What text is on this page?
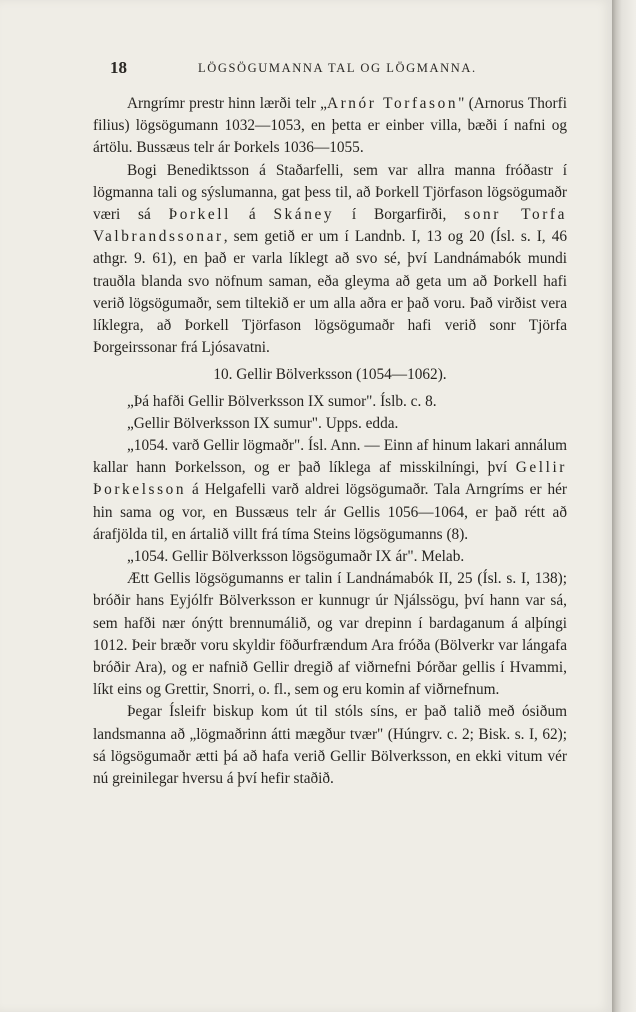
18	LÖGSÖGUMANNA TAL OG LÖGMANNA.

Arngrímr prestr hinn lærði telr „Arnór Torfason" (Arnorus Thorfi filius) lögsögumann 1032—1053, en þetta er einber villa, bæði í nafni og ártölu. Bussæus telr ár Þorkels 1036—1055.

Bogi Benediktsson á Staðarfelli, sem var allra manna fróðastr í lögmanna tali og sýslumanna, gat þess til, að Þorkell Tjörfason lögsögumaðr væri sá Þorkell á Skáney í Borgarfirði, sonr Torfa Valbrandssonar, sem getið er um í Landnb. I, 13 og 20 (Ísl. s. I, 46 athgr. 9. 61), en það er varla líklegt að svo sé, því Landnámabók mundi trauðla blanda svo nöfnum saman, eða gleyma að geta um að Þorkell hafi verið lögsögumaðr, sem tiltekið er um alla aðra er það voru. Það virðist vera líklegra, að Þorkell Tjörfason lögsögumaðr hafi verið sonr Tjörfa Þorgeirssonar frá Ljósavatni.

10. Gellir Bölverksson (1054—1062).

„Þá hafði Gellir Bölverksson IX sumor". Íslb. c. 8.

„Gellir Bölverksson IX sumur". Upps. edda.

„1054. varð Gellir lögmaðr". Ísl. Ann. — Einn af hinum lakari annálum kallar hann Þorkelsson, og er það líklega af misskilníngi, því Gellir Þorkelsson á Helgafelli varð aldrei lögsögumaðr. Tala Arngríms er hér hin sama og vor, en Bussæus telr ár Gellis 1056—1064, er það rétt að árafjölda til, en ártalið villt frá tíma Steins lögsögumanns (8).

„1054. Gellir Bölverksson lögsögumaðr IX ár". Melab.

Ætt Gellis lögsögumanns er talin í Landnámabók II, 25 (Ísl. s. I, 138); bróðir hans Eyjólfr Bölverksson er kunnugr úr Njálssögu, því hann var sá, sem hafði nær ónýtt brennumálið, og var drepinn í bardaganum á alþíngi 1012. Þeir bræðr voru skyldir föðurfrændum Ara fróða (Bölverkr var lángafa bróðir Ara), og er nafnið Gellir dregið af viðrnefni Þórðar gellis í Hvammi, líkt eins og Grettir, Snorri, o. fl., sem og eru komin af viðrnefnum.

Þegar Ísleifr biskup kom út til stóls síns, er það talið með ósiðum landsmanna að „lögmaðrinn átti mægður tvær" (Húngrv. c. 2; Bisk. s. I, 62); sá lögsögumaðr ætti þá að hafa verið Gellir Bölverksson, en ekki vitum vér nú greinilegar hversu á því hefir staðið.
